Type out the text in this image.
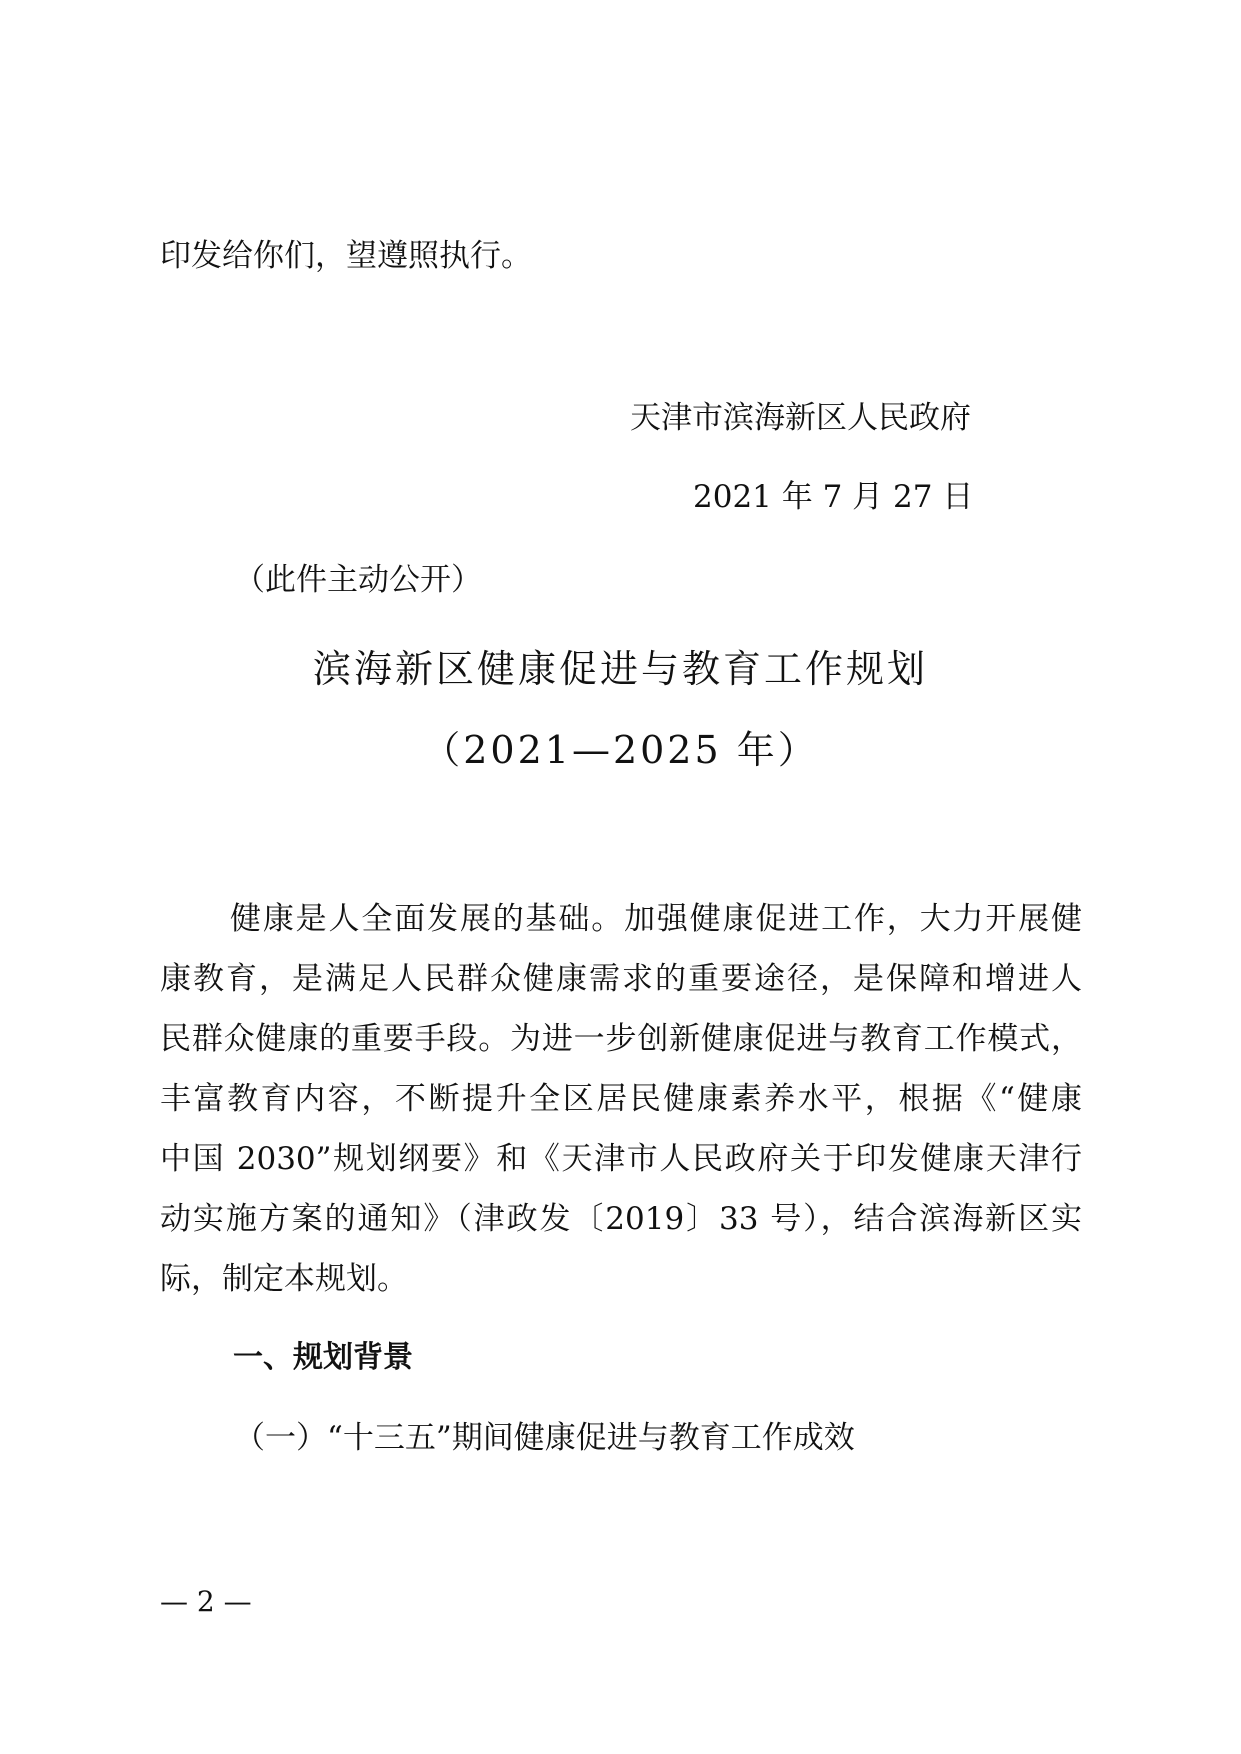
印发给你们，望遵照执行。
天津市滨海新区人民政府
2021 年 7 月 27 日
（此件主动公开）
滨海新区健康促进与教育工作规划
（2021—2025 年）
健康是人全面发展的基础。加强健康促进工作，大力开展健
康教育，是满足人民群众健康需求的重要途径，是保障和增进人
民群众健康的重要手段。为进一步创新健康促进与教育工作模式，
丰富教育内容，不断提升全区居民健康素养水平，根据《“健康
中国 2030”规划纲要》和《天津市人民政府关于印发健康天津行
动实施方案的通知》（津政发〔2019〕33 号），结合滨海新区实
际，制定本规划。
一、规划背景
（一）“十三五”期间健康促进与教育工作成效
— 2 —
